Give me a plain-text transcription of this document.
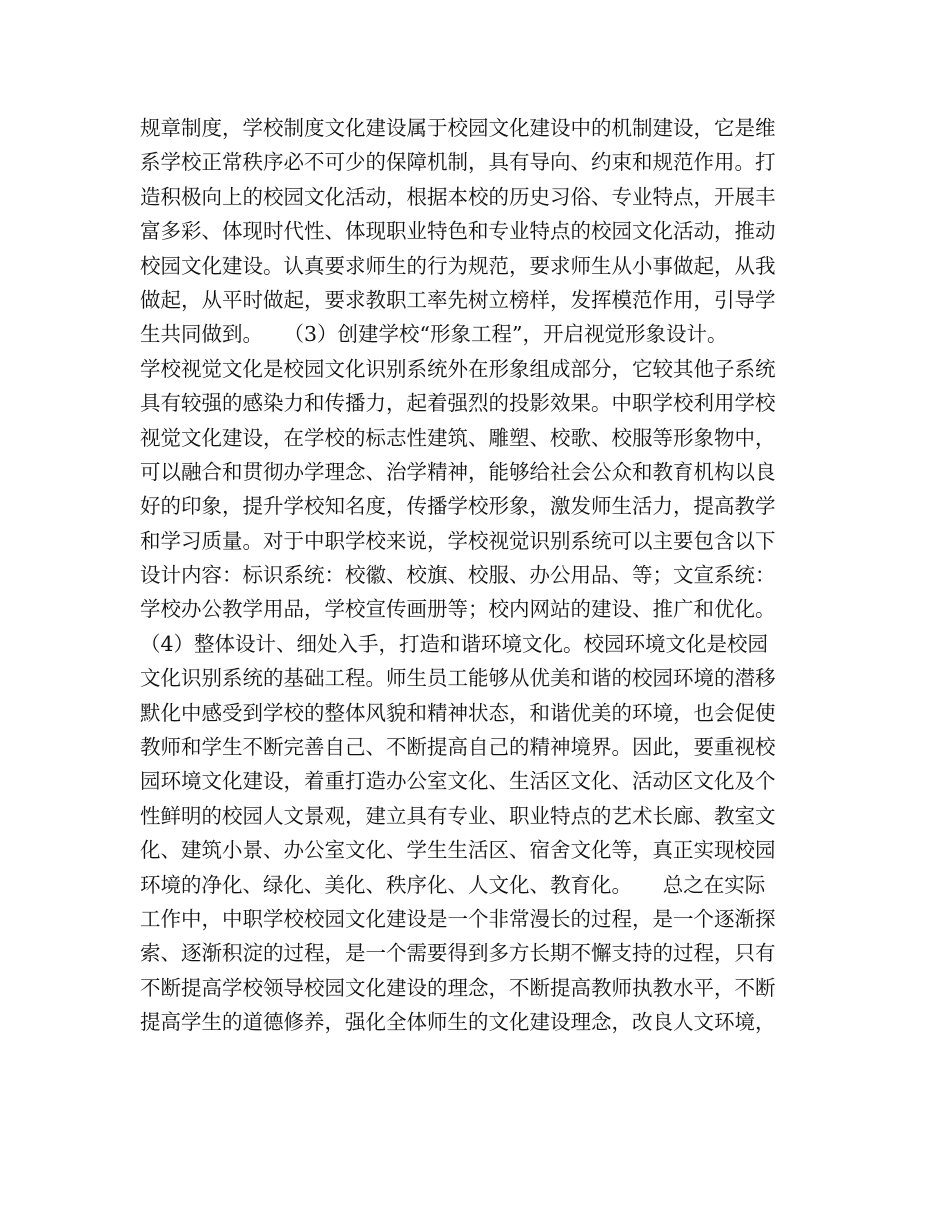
规章制度，学校制度文化建设属于校园文化建设中的机制建设，它是维
系学校正常秩序必不可少的保障机制，具有导向、约束和规范作用。打
造积极向上的校园文化活动，根据本校的历史习俗、专业特点，开展丰
富多彩、体现时代性、体现职业特色和专业特点的校园文化活动，推动
校园文化建设。认真要求师生的行为规范，要求师生从小事做起，从我
做起，从平时做起，要求教职工率先树立榜样，发挥模范作用，引导学
生共同做到。　　（3）创建学校“形象工程”，开启视觉形象设计。
学校视觉文化是校园文化识别系统外在形象组成部分，它较其他子系统
具有较强的感染力和传播力，起着强烈的投影效果。中职学校利用学校
视觉文化建设，在学校的标志性建筑、雕塑、校歌、校服等形象物中，
可以融合和贯彻办学理念、治学精神，能够给社会公众和教育机构以良
好的印象，提升学校知名度，传播学校形象，激发师生活力，提高教学
和学习质量。对于中职学校来说，学校视觉识别系统可以主要包含以下
设计内容：标识系统：校徽、校旗、校服、办公用品、等；文宣系统：
学校办公教学用品，学校宣传画册等；校内网站的建设、推广和优化。
（4）整体设计、细处入手，打造和谐环境文化。校园环境文化是校园
文化识别系统的基础工程。师生员工能够从优美和谐的校园环境的潜移
默化中感受到学校的整体风貌和精神状态，和谐优美的环境，也会促使
教师和学生不断完善自己、不断提高自己的精神境界。因此，要重视校
园环境文化建设，着重打造办公室文化、生活区文化、活动区文化及个
性鲜明的校园人文景观，建立具有专业、职业特点的艺术长廊、教室文
化、建筑小景、办公室文化、学生生活区、宿舍文化等，真正实现校园
环境的净化、绿化、美化、秩序化、人文化、教育化。　　总之在实际
工作中，中职学校校园文化建设是一个非常漫长的过程，是一个逐渐探
索、逐渐积淀的过程，是一个需要得到多方长期不懈支持的过程，只有
不断提高学校领导校园文化建设的理念，不断提高教师执教水平，不断
提高学生的道德修养，强化全体师生的文化建设理念，改良人文环境，
